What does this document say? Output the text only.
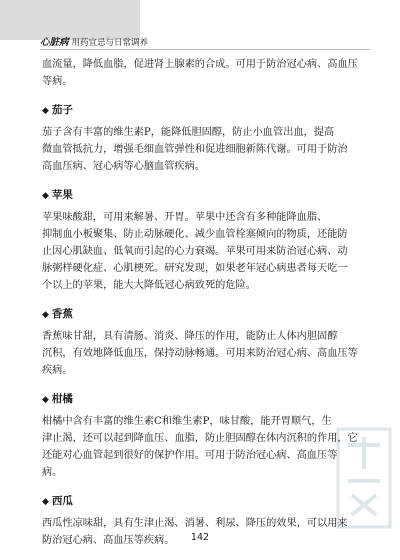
心脏病 用药宜忌与日常调养

血流量，降低血脂，促进肾上腺素的合成。可用于防治冠心病、高血压等病。

◆ 茄子

茄子含有丰富的维生素P，能降低胆固醇，防止小血管出血，提高

微血管抵抗力，增强毛细血管弹性和促进细胞新陈代谢。可用于防治

高血压病、冠心病等心脑血管疾病。

◆ 苹果

苹果味酸甜，可用来解暑、开胃。苹果中还含有多种能降血脂、

抑制血小板聚集、防止动脉硬化、减少血管栓塞倾向的物质，还能防

止因心肌缺血、低氧而引起的心力衰竭。苹果可用来防治冠心病、动

脉粥样硬化症、心肌梗死。研究发现，如果老年冠心病患者每天吃一

个以上的苹果，能大大降低冠心病致死的危险。

◆ 香蕉

香蕉味甘甜，具有清肠、消炎、降压的作用，能防止人体内胆固醇

沉积，有效地降低血压，保持动脉畅通。可用来防治冠心病、高血压等

疾病。

◆ 柑橘

柑橘中含有丰富的维生素C和维生素P，味甘酸，能开胃顺气，生

津止渴，还可以起到降血压、血脂，防止胆固醇在体内沉积的作用，它

还能对心血管起到很好的保护作用。可用于防治冠心病、高血压等

病。

◆ 西瓜

西瓜性凉味甜，具有生津止渴、消暑、利尿、降压的效果，可以用来

防治冠心病、高血压等疾病。	142
